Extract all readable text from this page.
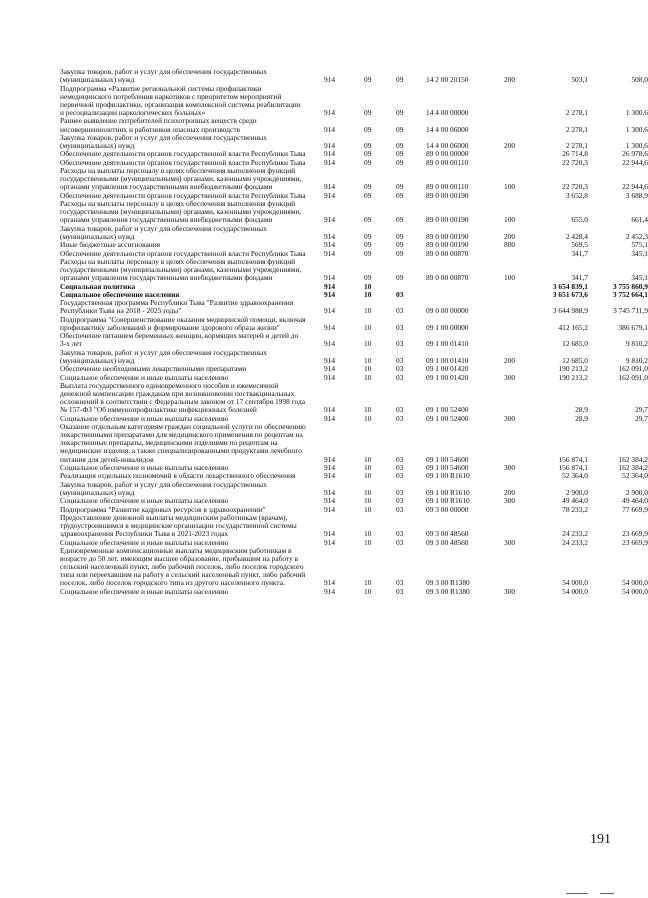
Закупка товаров, работ и услуг для обеспечения государственных (муниципальных) нужд	914	09	09	14 2 00 20150	200	503,1	508,0
Подпрограмма «Развитие региональной системы профилактики немедицинского потребления наркотиков с приоритетом мероприятий первичной профилактики, организация комплексной системы реабилитации и ресоциализации наркологических больных»	914	09	09	14 4 00 00000		2 278,1	1 300,6
Раннее выявление потребителей психотропных веществ среди несовершеннолетних и работников опасных производств	914	09	09	14 4 00 06000		2 278,1	1 300,6
Закупка товаров, работ и услуг для обеспечения государственных (муниципальных) нужд	914	09	09	14 4 00 06000	200	2 278,1	1 300,6
Обеспечение деятельности органов государственной власти Республики Тыва	914	09	09	89 0 00 00000		26 714,8	26 978,6
Обеспечение деятельности органов государственной власти Республики Тыва	914	09	09	89 0 00 00110		22 720,3	22 944,6
Расходы на выплаты персоналу в целях обеспечения выполнения функций государственными (муниципальными) органами, казенными учреждениями, органами управления государственными внебюджетными фондами	914	09	09	89 0 00 00110	100	22 720,3	22 944,6
Обеспечение деятельности органов государственной власти Республики Тыва	914	09	09	89 0 00 00190		3 652,8	3 688,9
Расходы на выплаты персоналу в целях обеспечения выполнения функций государственными (муниципальными) органами, казенными учреждениями, органами управления государственными внебюджетными фондами	914	09	09	89 0 00 00190	100	655,0	661,4
Закупка товаров, работ и услуг для обеспечения государственных (муниципальных) нужд	914	09	09	89 0 00 00190	200	2 428,4	2 452,3
Иные бюджетные ассигнования	914	09	09	89 0 00 00190	800	569,5	575,1
Обеспечение деятельности органов государственной власти Республики Тыва	914	09	09	89 0 00 00870		341,7	345,1
Расходы на выплаты персоналу в целях обеспечения выполнения функций государственными (муниципальными) органами, казенными учреждениями, органами управления государственными внебюджетными фондами	914	09	09	89 0 00 00870	100	341,7	345,1
Социальная политика	914	10				3 654 839,1	3 755 860,9
Социальное обеспечение населения	914	10	03			3 651 673,6	3 752 664,1
Государственная программа Республики Тыва "Развитие здравоохранения Республики Тыва на 2018 - 2025 годы"	914	10	03	09 0 00 00000		3 644 988,9	3 745 711,9
Подпрограмма "Совершенствование оказания медицинской помощи, включая профилактику заболеваний и формирование здорового образа жизни"	914	10	03	09 1 00 00000		412 165,2	386 679,1
Обеспечение питанием беременных женщин, кормящих матерей и детей до 3-х лет	914	10	03	09 1 00 01410		12 685,0	9 810,2
Закупка товаров, работ и услуг для обеспечения государственных (муниципальных) нужд	914	10	03	09 1 00 01410	200	12 685,0	9 810,2
Обеспечение необходимыми лекарственными препаратами	914	10	03	09 1 00 01420		190 213,2	162 091,0
Социальное обеспечение и иные выплаты населению	914	10	03	09 1 00 01420	300	190 213,2	162 091,0
Выплата государственного единовременного пособия и ежемесячной денежной компенсации гражданам при возникновении поствакцинальных осложнений в соответствии с Федеральным законом от 17 сентября 1998 года № 157-ФЗ "Об иммунопрофилактике инфекционных болезней	914	10	03	09 1 00 52400		28,9	29,7
Социальное обеспечение и иные выплаты населению	914	10	03	09 1 00 52400	300	28,9	29,7
Оказание отдельным категориям граждан социальной услуги по обеспечению лекарственными препаратами для медицинского применения по рецептам на лекарственные препараты, медицинскими изделиями по рецептам на медицинские изделия, а также специализированными продуктами лечебного питания для детей-инвалидов	914	10	03	09 1 00 54600		156 874,1	162 384,2
Социальное обеспечение и иные выплаты населению	914	10	03	09 1 00 54600	300	156 874,1	162 384,2
Реализация отдельных полномочий в области лекарственного обеспечения	914	10	03	09 1 00 R1610		52 364,0	52 364,0
Закупка товаров, работ и услуг для обеспечения государственных (муниципальных) нужд	914	10	03	09 1 00 R1610	200	2 900,0	2 900,0
Социальное обеспечение и иные выплаты населению	914	10	03	09 1 00 R1610	300	49 464,0	49 464,0
Подпрограмма "Развитие кадровых ресурсов в здравоохранении"	914	10	03	09 3 00 00000		78 233,2	77 669,9
Предоставление денежной выплаты медицинским работникам (врачам), трудоустроившимся в медицинские организации государственной системы здравоохранения Республики Тыва в 2021-2023 годах	914	10	03	09 3 00 48560		24 233,2	23 669,9
Социальное обеспечение и иные выплаты населению	914	10	03	09 3 00 48560	300	24 233,2	23 669,9
Единовременные компенсационные выплаты медицинским работникам в возрасте до 50 лет, имеющим высшее образование, прибывшим на работу в сельский населенный пункт, либо рабочий поселок, либо поселок городского типа или переехавшим на работу в сельский населенный пункт, либо рабочий поселок, либо поселок городского типа из другого населенного пункта.	914	10	03	09 3 00 R1380		54 000,0	54 000,0
Социальное обеспечение и иные выплаты населению	914	10	03	09 3 00 R1380	300	54 000,0	54 000,0
191
